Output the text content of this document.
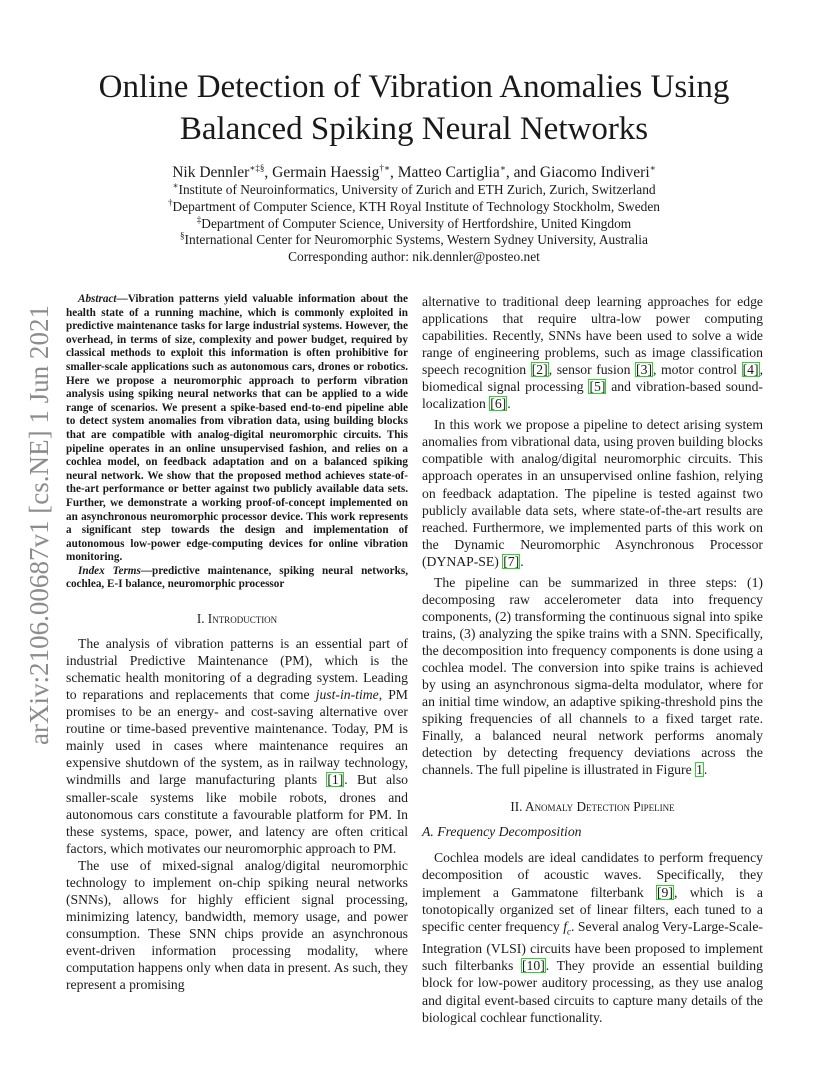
arXiv:2106.00687v1 [cs.NE] 1 Jun 2021
Online Detection of Vibration Anomalies Using
Balanced Spiking Neural Networks
Nik Dennler∗‡§, Germain Haessig†∗, Matteo Cartiglia∗, and Giacomo Indiveri∗
∗Institute of Neuroinformatics, University of Zurich and ETH Zurich, Zurich, Switzerland
†Department of Computer Science, KTH Royal Institute of Technology Stockholm, Sweden
‡Department of Computer Science, University of Hertfordshire, United Kingdom
§International Center for Neuromorphic Systems, Western Sydney University, Australia
Corresponding author: nik.dennler@posteo.net
Abstract—Vibration patterns yield valuable information about the health state of a running machine, which is commonly exploited in predictive maintenance tasks for large industrial systems. However, the overhead, in terms of size, complexity and power budget, required by classical methods to exploit this information is often prohibitive for smaller-scale applications such as autonomous cars, drones or robotics. Here we propose a neuromorphic approach to perform vibration analysis using spiking neural networks that can be applied to a wide range of scenarios. We present a spike-based end-to-end pipeline able to detect system anomalies from vibration data, using building blocks that are compatible with analog-digital neuromorphic circuits. This pipeline operates in an online unsupervised fashion, and relies on a cochlea model, on feedback adaptation and on a balanced spiking neural network. We show that the proposed method achieves state-of-the-art performance or better against two publicly available data sets. Further, we demonstrate a working proof-of-concept implemented on an asynchronous neuromorphic processor device. This work represents a significant step towards the design and implementation of autonomous low-power edge-computing devices for online vibration monitoring.
Index Terms—predictive maintenance, spiking neural networks, cochlea, E-I balance, neuromorphic processor
I. Introduction

The analysis of vibration patterns is an essential part of industrial Predictive Maintenance (PM), which is the schematic health monitoring of a degrading system. Leading to reparations and replacements that come just-in-time, PM promises to be an energy- and cost-saving alternative over routine or time-based preventive maintenance. Today, PM is mainly used in cases where maintenance requires an expensive shutdown of the system, as in railway technology, windmills and large manufacturing plants [1]. But also smaller-scale systems like mobile robots, drones and autonomous cars constitute a favourable platform for PM. In these systems, space, power, and latency are often critical factors, which motivates our neuromorphic approach to PM.

The use of mixed-signal analog/digital neuromorphic technology to implement on-chip spiking neural networks (SNNs), allows for highly efficient signal processing, minimizing latency, bandwidth, memory usage, and power consumption. These SNN chips provide an asynchronous event-driven information processing modality, where computation happens only when data in present. As such, they represent a promising

alternative to traditional deep learning approaches for edge applications that require ultra-low power computing capabilities. Recently, SNNs have been used to solve a wide range of engineering problems, such as image classification speech recognition [2], sensor fusion [3], motor control [4], biomedical signal processing [5] and vibration-based sound-localization [6].

In this work we propose a pipeline to detect arising system anomalies from vibrational data, using proven building blocks compatible with analog/digital neuromorphic circuits. This approach operates in an unsupervised online fashion, relying on feedback adaptation. The pipeline is tested against two publicly available data sets, where state-of-the-art results are reached. Furthermore, we implemented parts of this work on the Dynamic Neuromorphic Asynchronous Processor (DYNAP-SE) [7].

The pipeline can be summarized in three steps: (1) decomposing raw accelerometer data into frequency components, (2) transforming the continuous signal into spike trains, (3) analyzing the spike trains with a SNN. Specifically, the decomposition into frequency components is done using a cochlea model. The conversion into spike trains is achieved by using an asynchronous sigma-delta modulator, where for an initial time window, an adaptive spiking-threshold pins the spiking frequencies of all channels to a fixed target rate. Finally, a balanced neural network performs anomaly detection by detecting frequency deviations across the channels. The full pipeline is illustrated in Figure 1.

II. Anomaly Detection Pipeline
A. Frequency Decomposition

Cochlea models are ideal candidates to perform frequency decomposition of acoustic waves. Specifically, they implement a Gammatone filterbank [9], which is a tonotopically organized set of linear filters, each tuned to a specific center frequency $f_c$. Several analog Very-Large-Scale-Integration (VLSI) circuits have been proposed to implement such filterbanks [10]. They provide an essential building block for low-power auditory processing, as they use analog and digital event-based circuits to capture many details of the biological cochlear functionality.
